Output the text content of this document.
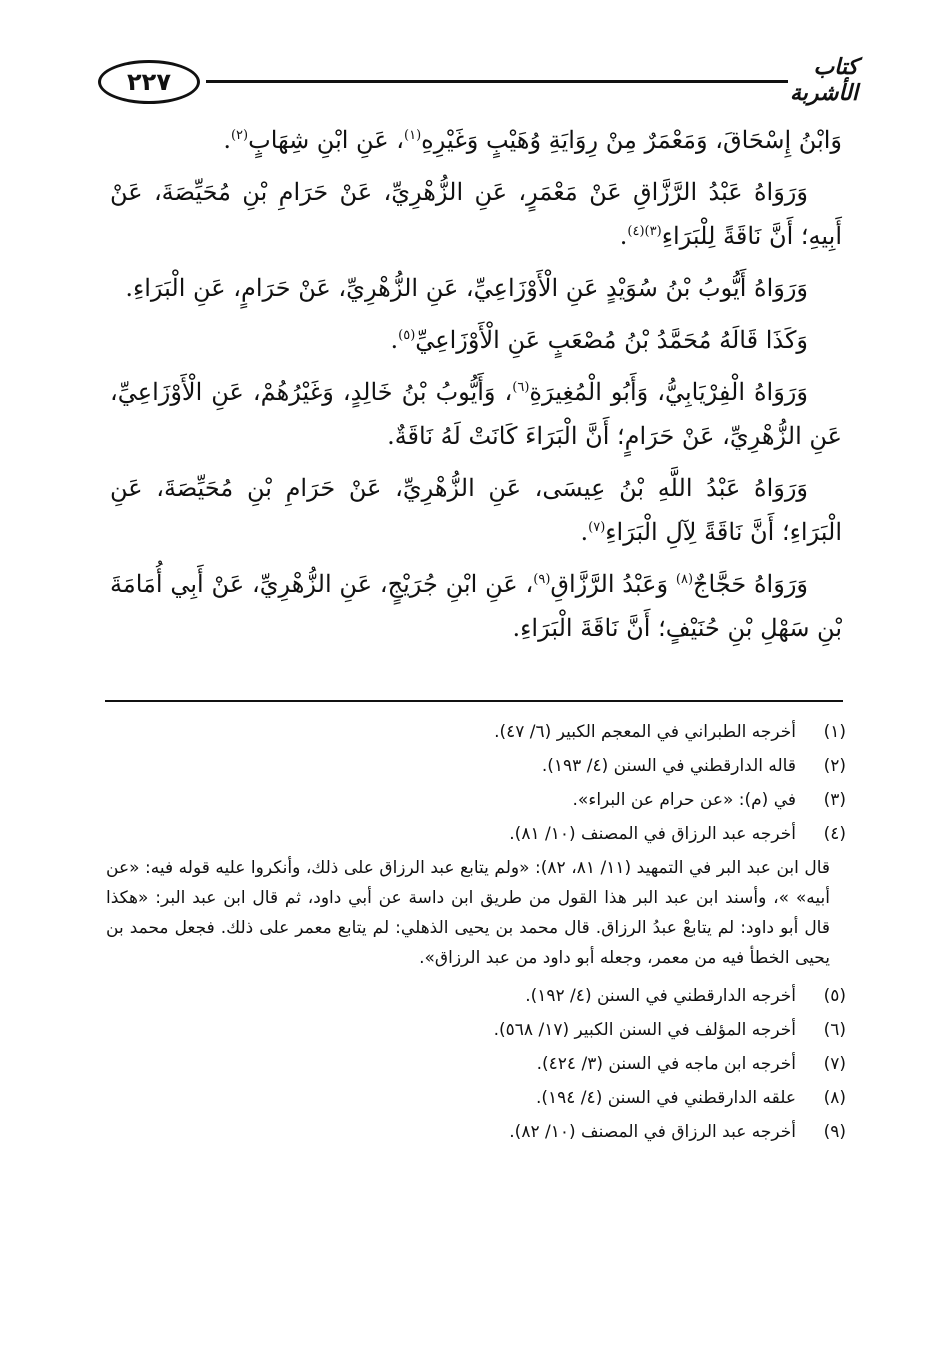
٢٢٧
كتاب الأشربة

وَابْنُ إِسْحَاقَ، وَمَعْمَرٌ مِنْ رِوَايَةِ وُهَيْبٍ وَغَيْرِهِ$^{(١)}$، عَنِ ابْنِ شِهَابٍ$^{(٢)}$.

وَرَوَاهُ عَبْدُ الرَّزَّاقِ عَنْ مَعْمَرٍ، عَنِ الزُّهْرِيِّ، عَنْ حَرَامِ بْنِ مُحَيِّصَةَ، عَنْ أَبِيهِ؛ أَنَّ نَاقَةً لِلْبَرَاءِ$^{(٣)(٤)}$.

وَرَوَاهُ أَيُّوبُ بْنُ سُوَيْدٍ عَنِ الْأَوْزَاعِيِّ، عَنِ الزُّهْرِيِّ، عَنْ حَرَامٍ، عَنِ الْبَرَاءِ.

وَكَذَا قَالَهُ مُحَمَّدُ بْنُ مُصْعَبٍ عَنِ الْأَوْزَاعِيِّ$^{(٥)}$.

وَرَوَاهُ الْفِرْيَابِيُّ، وَأَبُو الْمُغِيرَةِ$^{(٦)}$، وَأَيُّوبُ بْنُ خَالِدٍ، وَغَيْرُهُمْ، عَنِ الْأَوْزَاعِيِّ، عَنِ الزُّهْرِيِّ، عَنْ حَرَامٍ؛ أَنَّ الْبَرَاءَ كَانَتْ لَهُ نَاقَةٌ.

وَرَوَاهُ عَبْدُ اللَّهِ بْنُ عِيسَى، عَنِ الزُّهْرِيِّ، عَنْ حَرَامِ بْنِ مُحَيِّصَةَ، عَنِ الْبَرَاءِ؛ أَنَّ نَاقَةً لِآلِ الْبَرَاءِ$^{(٧)}$.

وَرَوَاهُ حَجَّاجٌ$^{(٨)}$ وَعَبْدُ الرَّزَّاقِ$^{(٩)}$، عَنِ ابْنِ جُرَيْجٍ، عَنِ الزُّهْرِيِّ، عَنْ أَبِي أُمَامَةَ بْنِ سَهْلِ بْنِ حُنَيْفٍ؛ أَنَّ نَاقَةَ الْبَرَاءِ.

(١)
أخرجه الطبراني في المعجم الكبير (٦/ ٤٧).
(٢)
قاله الدارقطني في السنن (٤/ ١٩٣).
(٣)
في (م): «عن حرام عن البراء».
(٤)
أخرجه عبد الرزاق في المصنف (١٠/ ٨١).
قال ابن عبد البر في التمهيد (١١/ ٨١، ٨٢): «ولم يتابع عبد الرزاق على ذلك، وأنكروا عليه قوله فيه: «عن أبيه» »، وأسند ابن عبد البر هذا القول من طريق ابن داسة عن أبي داود، ثم قال ابن عبد البر: «هكذا قال أبو داود: لم يتابعْ عبدُ الرزاق. قال محمد بن يحيى الذهلي: لم يتابع معمر على ذلك. فجعل محمد بن يحيى الخطأ فيه من معمر، وجعله أبو داود من عبد الرزاق».
(٥)
أخرجه الدارقطني في السنن (٤/ ١٩٢).
(٦)
أخرجه المؤلف في السنن الكبير (١٧/ ٥٦٨).
(٧)
أخرجه ابن ماجه في السنن (٣/ ٤٢٤).
(٨)
علقه الدارقطني في السنن (٤/ ١٩٤).
(٩)
أخرجه عبد الرزاق في المصنف (١٠/ ٨٢).
